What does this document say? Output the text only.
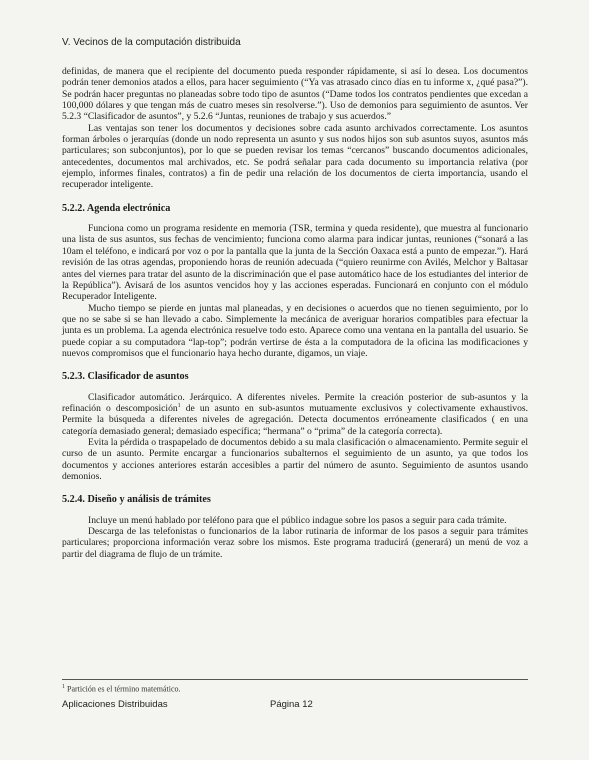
V. Vecinos de la computación distribuida

definidas, de manera que el recipiente del documento pueda responder rápidamente, si así lo desea. Los documentos podrán tener demonios atados a ellos, para hacer seguimiento (“Ya vas atrasado cinco días en tu informe x, ¿qué pasa?”). Se podrán hacer preguntas no planeadas sobre todo tipo de asuntos (“Dame todos los contratos pendientes que excedan a 100,000 dólares y que tengan más de cuatro meses sin resolverse.”). Uso de demonios para seguimiento de asuntos. Ver 5.2.3 “Clasificador de asuntos”, y 5.2.6 “Juntas, reuniones de trabajo y sus acuerdos.”

Las ventajas son tener los documentos y decisiones sobre cada asunto archivados correctamente. Los asuntos forman árboles o jerarquías (donde un nodo representa un asunto y sus nodos hijos son sub asuntos suyos, asuntos más particulares; son subconjuntos), por lo que se pueden revisar los temas “cercanos” buscando documentos adicionales, antecedentes, documentos mal archivados, etc. Se podrá señalar para cada documento su importancia relativa (por ejemplo, informes finales, contratos) a fin de pedir una relación de los documentos de cierta importancia, usando el recuperador inteligente.

5.2.2. Agenda electrónica

Funciona como un programa residente en memoria (TSR, termina y queda residente), que muestra al funcionario una lista de sus asuntos, sus fechas de vencimiento; funciona como alarma para indicar juntas, reuniones (“sonará a las 10am el teléfono, e indicará por voz o por la pantalla que la junta de la Sección Oaxaca está a punto de empezar.”). Hará revisión de las otras agendas, proponiendo horas de reunión adecuada (“quiero reunirme con Avilés, Melchor y Baltasar antes del viernes para tratar del asunto de la discriminación que el pase automático hace de los estudiantes del interior de la República”). Avisará de los asuntos vencidos hoy y las acciones esperadas. Funcionará en conjunto con el módulo Recuperador Inteligente.

Mucho tiempo se pierde en juntas mal planeadas, y en decisiones o acuerdos que no tienen seguimiento, por lo que no se sabe si se han llevado a cabo. Simplemente la mecánica de averiguar horarios compatibles para efectuar la junta es un problema. La agenda electrónica resuelve todo esto. Aparece como una ventana en la pantalla del usuario. Se puede copiar a su computadora “lap-top”; podrán vertirse de ésta a la computadora de la oficina las modificaciones y nuevos compromisos que el funcionario haya hecho durante, digamos, un viaje.

5.2.3. Clasificador de asuntos

Clasificador automático. Jerárquico. A diferentes niveles. Permite la creación posterior de sub-asuntos y la refinación o descomposición$^1$ de un asunto en sub-asuntos mutuamente exclusivos y colectivamente exhaustivos. Permite la búsqueda a diferentes niveles de agregación. Detecta documentos erróneamente clasificados ( en una categoría demasiado general; demasiado específica; “hermana” o “prima” de la categoría correcta).

Evita la pérdida o traspapelado de documentos debido a su mala clasificación o almacenamiento. Permite seguir el curso de un asunto. Permite encargar a funcionarios subalternos el seguimiento de un asunto, ya que todos los documentos y acciones anteriores estarán accesibles a partir del número de asunto. Seguimiento de asuntos usando demonios.

5.2.4. Diseño y análisis de trámites

Incluye un menú hablado por teléfono para que el público indague sobre los pasos a seguir para cada trámite.

Descarga de las telefonistas o funcionarios de la labor rutinaria de informar de los pasos a seguir para trámites particulares; proporciona información veraz sobre los mismos. Este programa traducirá (generará) un menú de voz a partir del diagrama de flujo de un trámite.

$^1$ Partición es el término matemático.
Aplicaciones Distribuidas	Página 12
